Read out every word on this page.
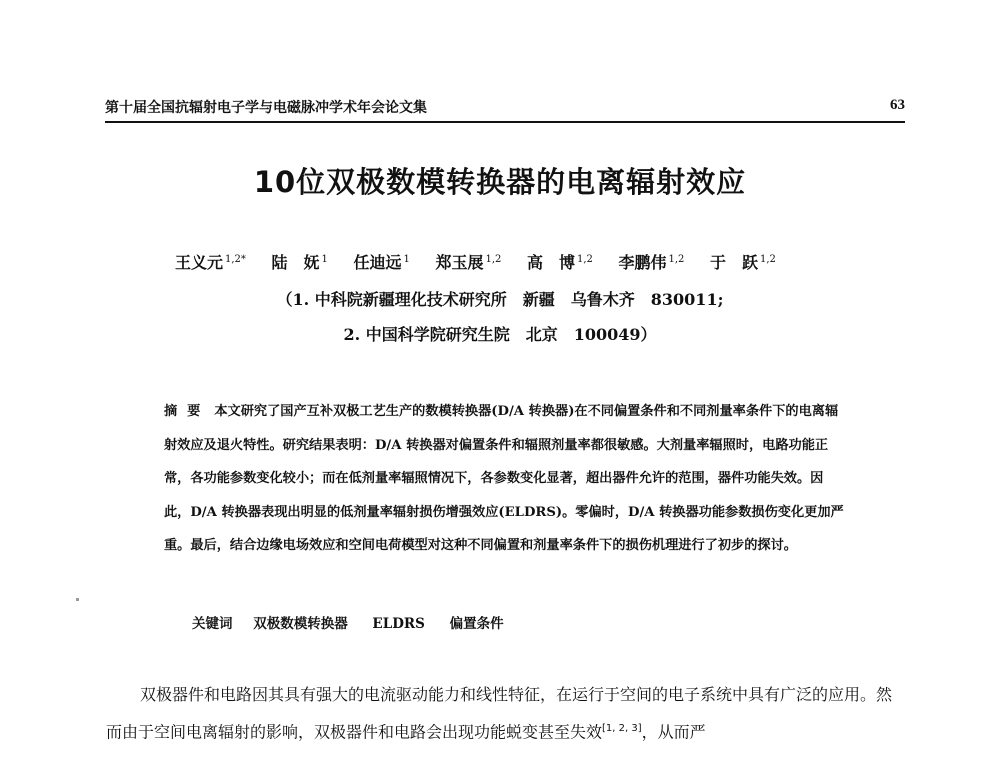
第十届全国抗辐射电子学与电磁脉冲学术年会论文集	63
10位双极数模转换器的电离辐射效应
王义元 $^{1,2*}$ 陆　妩 $^1$ 任迪远 $^1$ 郑玉展 $^{1,2}$ 高　博 $^{1,2}$ 李鹏伟 $^{1,2}$ 于　跃 $^{1,2}$
（1. 中科院新疆理化技术研究所　新疆　乌鲁木齐　830011;
2. 中国科学院研究生院　北京　100049）
摘要 本文研究了国产互补双极工艺生产的数模转换器(D/A 转换器)在不同偏置条件和不同剂量率条件下的电离辐射效应及退火特性。研究结果表明：D/A 转换器对偏置条件和辐照剂量率都很敏感。大剂量率辐照时，电路功能正常，各功能参数变化较小；而在低剂量率辐照情况下，各参数变化显著，超出器件允许的范围，器件功能失效。因此，D/A 转换器表现出明显的低剂量率辐射损伤增强效应(ELDRS)。零偏时，D/A 转换器功能参数损伤变化更加严重。最后，结合边缘电场效应和空间电荷模型对这种不同偏置和剂量率条件下的损伤机理进行了初步的探讨。
关键词 双极数模转换器 ELDRS 偏置条件
双极器件和电路因其具有强大的电流驱动能力和线性特征，在运行于空间的电子系统中具有广泛的应用。然而由于空间电离辐射的影响，双极器件和电路会出现功能蜕变甚至失效[1, 2, 3]，从而严
